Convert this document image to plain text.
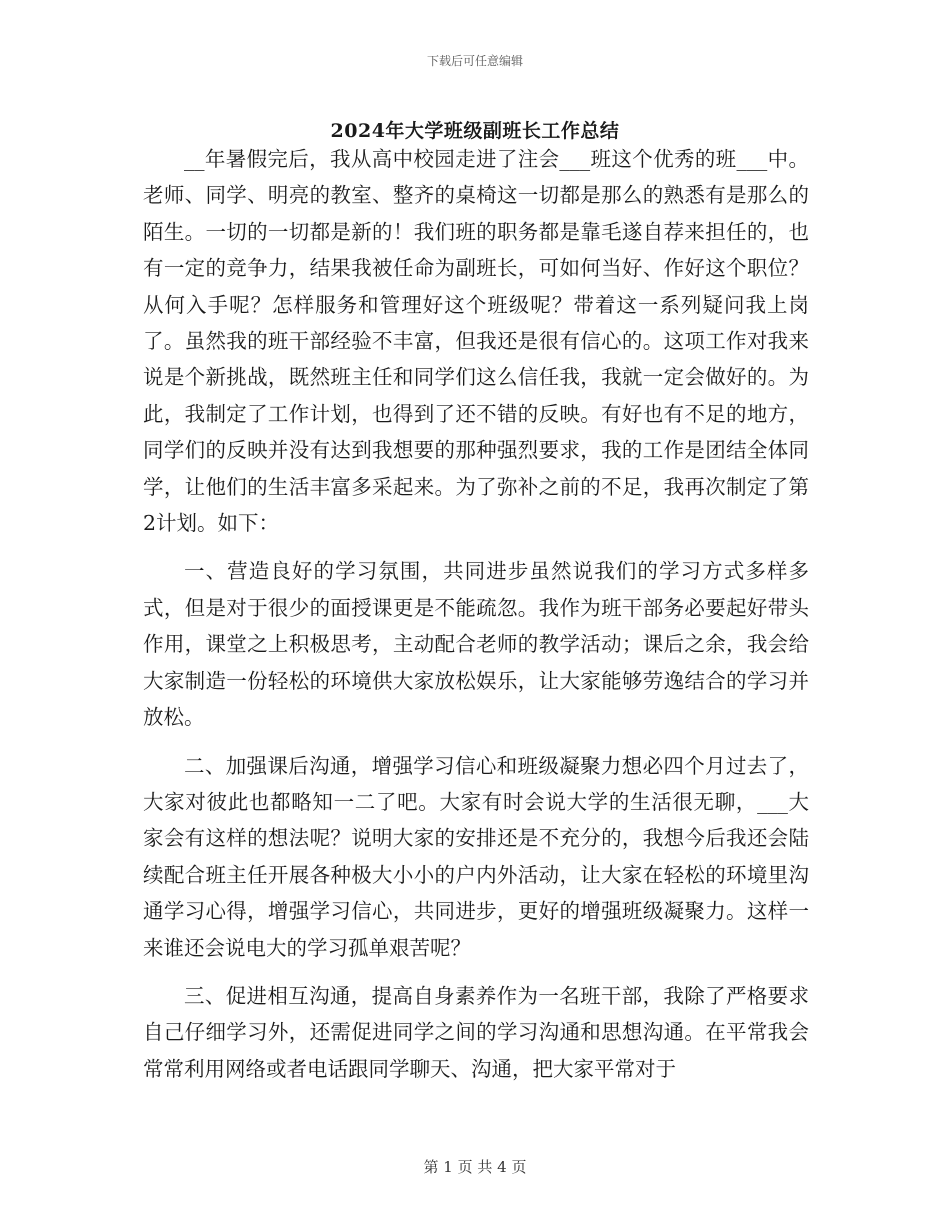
下载后可任意编辑
2024年大学班级副班长工作总结

__年暑假完后，我从高中校园走进了注会___班这个优秀的班___中。老师、同学、明亮的教室、整齐的桌椅这一切都是那么的熟悉有是那么的陌生。一切的一切都是新的！我们班的职务都是靠毛遂自荐来担任的，也有一定的竞争力，结果我被任命为副班长，可如何当好、作好这个职位？从何入手呢？怎样服务和管理好这个班级呢？带着这一系列疑问我上岗了。虽然我的班干部经验不丰富，但我还是很有信心的。这项工作对我来说是个新挑战，既然班主任和同学们这么信任我，我就一定会做好的。为此，我制定了工作计划，也得到了还不错的反映。有好也有不足的地方，同学们的反映并没有达到我想要的那种强烈要求，我的工作是团结全体同学，让他们的生活丰富多采起来。为了弥补之前的不足，我再次制定了第2计划。如下：

一、营造良好的学习氛围，共同进步虽然说我们的学习方式多样多式，但是对于很少的面授课更是不能疏忽。我作为班干部务必要起好带头作用，课堂之上积极思考，主动配合老师的教学活动；课后之余，我会给大家制造一份轻松的环境供大家放松娱乐，让大家能够劳逸结合的学习并放松。

二、加强课后沟通，增强学习信心和班级凝聚力想必四个月过去了，大家对彼此也都略知一二了吧。大家有时会说大学的生活很无聊，___大家会有这样的想法呢？说明大家的安排还是不充分的，我想今后我还会陆续配合班主任开展各种极大小小的户内外活动，让大家在轻松的环境里沟通学习心得，增强学习信心，共同进步，更好的增强班级凝聚力。这样一来谁还会说电大的学习孤单艰苦呢？

三、促进相互沟通，提高自身素养作为一名班干部，我除了严格要求自己仔细学习外，还需促进同学之间的学习沟通和思想沟通。在平常我会常常利用网络或者电话跟同学聊天、沟通，把大家平常对于

第 1 页 共 4 页
